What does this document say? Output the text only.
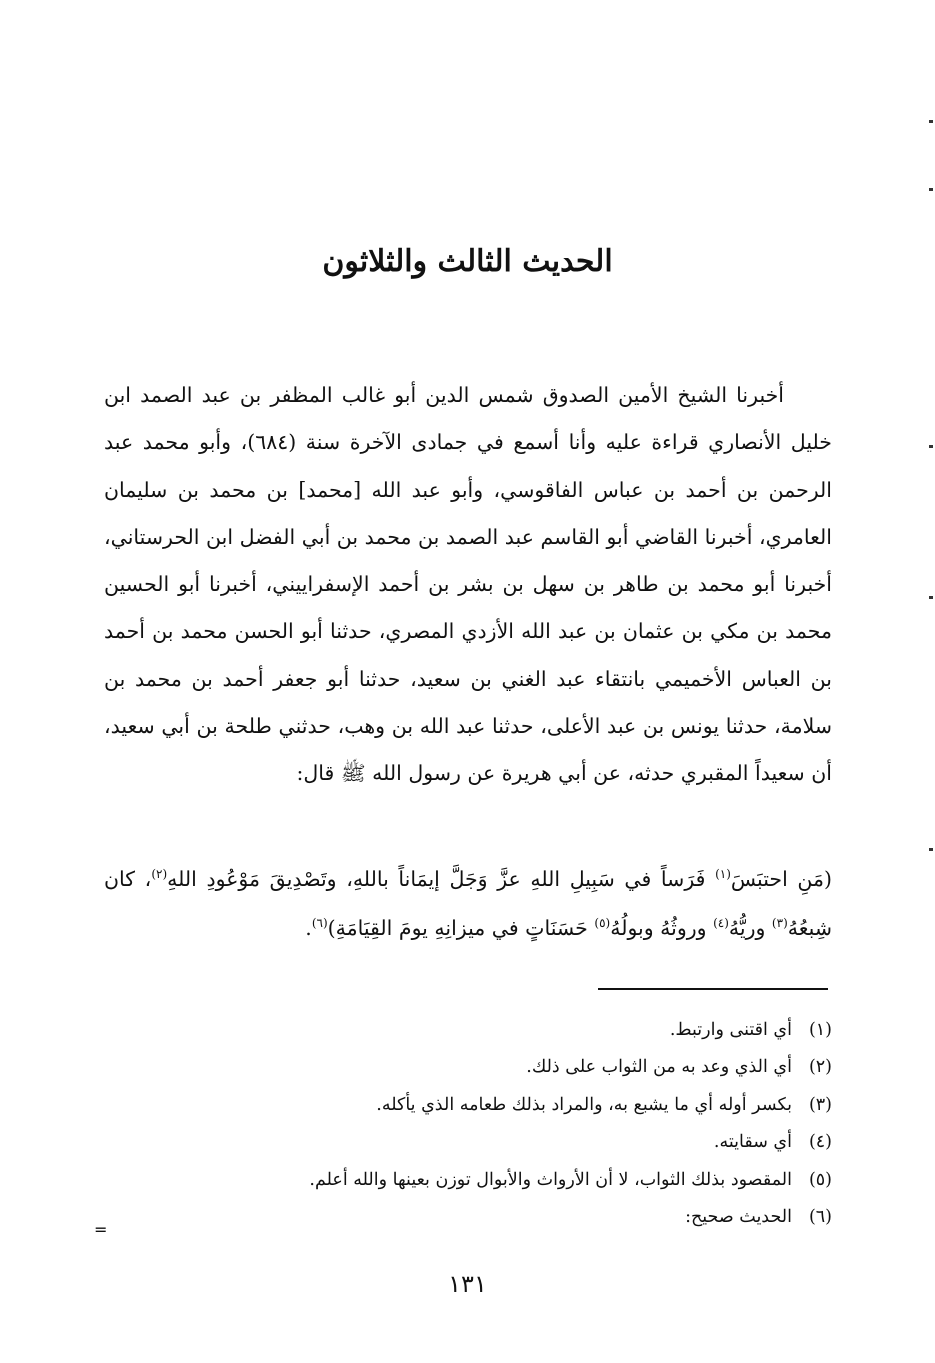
الحديث الثالث والثلاثون

أخبرنا الشيخ الأمين الصدوق شمس الدين أبو غالب المظفر بن عبد الصمد ابن خليل الأنصاري قراءة عليه وأنا أسمع في جمادى الآخرة سنة (٦٨٤)، وأبو محمد عبد الرحمن بن أحمد بن عباس الفاقوسي، وأبو عبد الله [محمد] بن محمد بن سليمان العامري، أخبرنا القاضي أبو القاسم عبد الصمد بن محمد بن أبي الفضل ابن الحرستاني، أخبرنا أبو محمد بن طاهر بن سهل بن بشر بن أحمد الإسفراييني، أخبرنا أبو الحسين محمد بن مكي بن عثمان بن عبد الله الأزدي المصري، حدثنا أبو الحسن محمد بن أحمد بن العباس الأخميمي بانتقاء عبد الغني بن سعيد، حدثنا أبو جعفر أحمد بن محمد بن سلامة، حدثنا يونس بن عبد الأعلى، حدثنا عبد الله بن وهب، حدثني طلحة بن أبي سعيد، أن سعيداً المقبري حدثه، عن أبي هريرة عن رسول الله ﷺ قال:

(مَنِ احتبَسَ$^{(١)}$ فَرَساً في سَبِيلِ اللهِ عزَّ وَجَلَّ إيمَاناً باللهِ، وتَصْدِيقَ مَوْعُودِ اللهِ$^{(٢)}$، كان شِبعُهُ$^{(٣)}$ وريُّهُ$^{(٤)}$ وروثُهُ وبولُهُ$^{(٥)}$ حَسَنَاتٍ في ميزانِهِ يومَ القِيَامَةِ)$^{(٦)}$.
(١)أي اقتنى وارتبط.
(٢)أي الذي وعد به من الثواب على ذلك.
(٣)بكسر أوله أي ما يشبع به، والمراد بذلك طعامه الذي يأكله.
(٤)أي سقايته.
(٥)المقصود بذلك الثواب، لا أن الأرواث والأبوال توزن بعينها والله أعلم.
(٦)الحديث صحيح:
=
١٣١
